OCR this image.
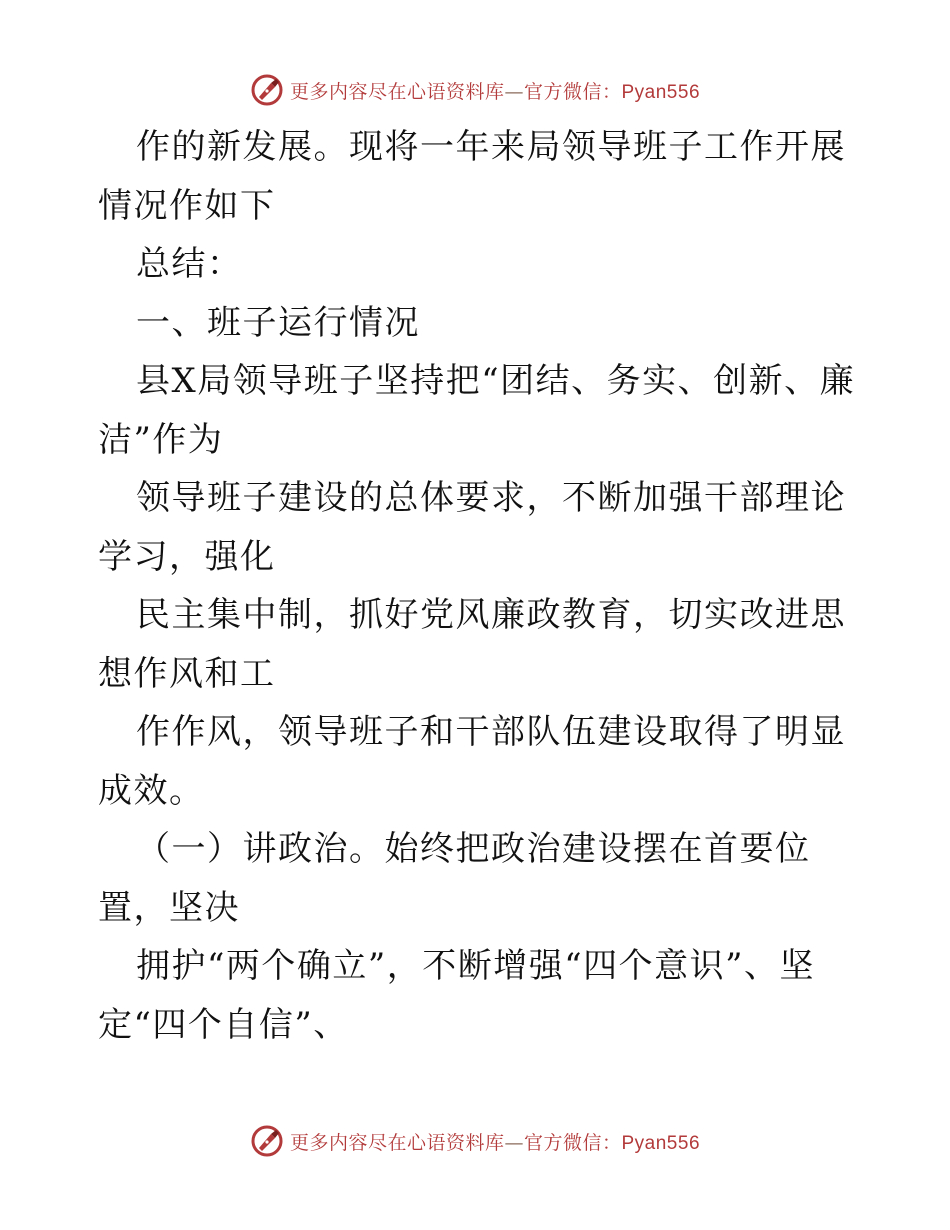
更多内容尽在心语资料库—官方微信：Pyan556

作的新发展。现将一年来局领导班子工作开展情况作如下

总结：

一、班子运行情况

县X局领导班子坚持把“团结、务实、创新、廉洁”作为

领导班子建设的总体要求，不断加强干部理论学习，强化

民主集中制，抓好党风廉政教育，切实改进思想作风和工

作作风，领导班子和干部队伍建设取得了明显成效。

（一）讲政治。始终把政治建设摆在首要位置，坚决

拥护“两个确立”，不断增强“四个意识”、坚定“四个自信”、

更多内容尽在心语资料库—官方微信：Pyan556
